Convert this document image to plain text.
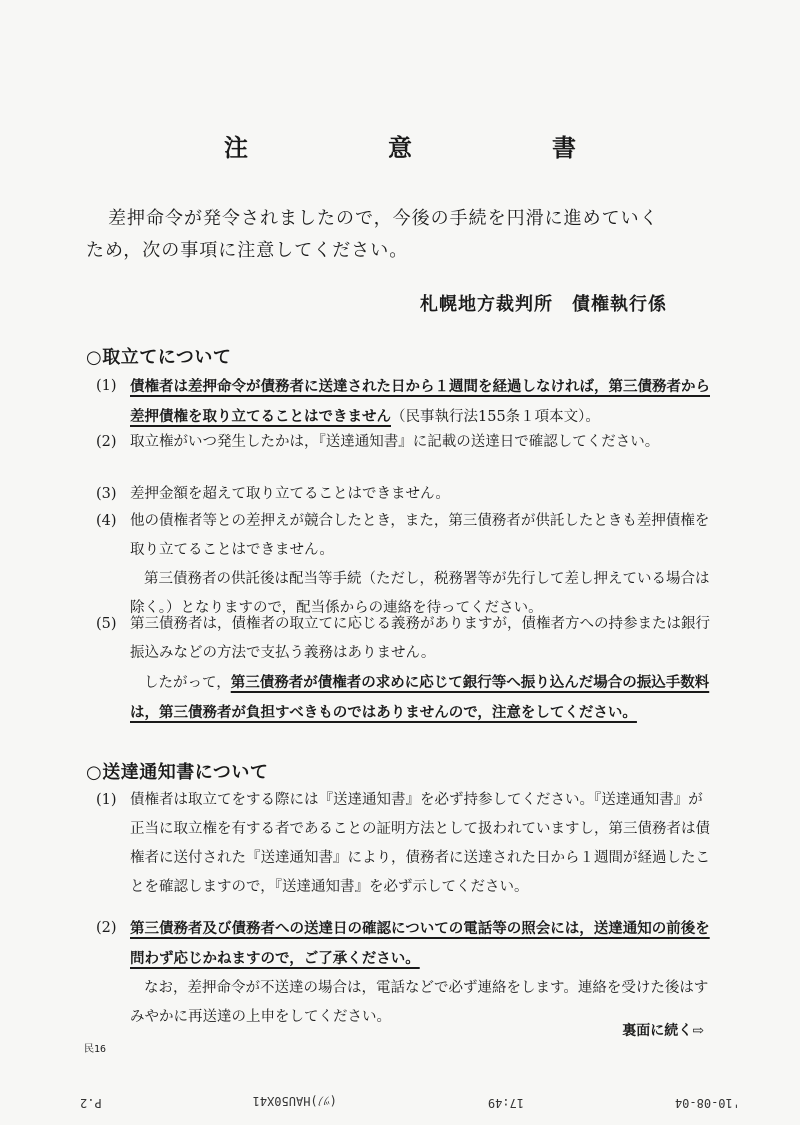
注　意　書
差押命令が発令されましたので，今後の手続を円滑に進めていく
ため，次の事項に注意してください。
札幌地方裁判所　債権執行係
○取立てについて
(1) 債権者は差押命令が債務者に送達された日から１週間を経過しなければ，第三債務者から差押債権を取り立てることはできません（民事執行法155条１項本文）。
(2) 取立権がいつ発生したかは，『送達通知書』に記載の送達日で確認してください。
(3) 差押金額を超えて取り立てることはできません。
(4) 他の債権者等との差押えが競合したとき，また，第三債務者が供託したときも差押債権を取り立てることはできません。
第三債務者の供託後は配当等手続（ただし，税務署等が先行して差し押えている場合は除く。）となりますので，配当係からの連絡を待ってください。
(5) 第三債務者は，債権者の取立てに応じる義務がありますが，債権者方への持参または銀行振込みなどの方法で支払う義務はありません。
したがって，第三債務者が債権者の求めに応じて銀行等へ振り込んだ場合の振込手数料は，第三債務者が負担すべきものではありませんので，注意をしてください。
○送達通知書について
(1) 債権者は取立てをする際には『送達通知書』を必ず持参してください。『送達通知書』が正当に取立権を有する者であることの証明方法として扱われていますし，第三債務者は債権者に送付された『送達通知書』により，債務者に送達された日から１週間が経過したことを確認しますので，『送達通知書』を必ず示してください。
(2) 第三債務者及び債務者への送達日の確認についての電話等の照会には，送達通知の前後を問わず応じかねますので，ご了承ください。
なお，差押命令が不送達の場合は，電話などで必ず連絡をします。連絡を受けた後はすみやかに再送達の上申をしてください。
裏面に続く⇨
民16
'10-08-04
17:49
(ﾂﾉ)HAU50X41
P.2
